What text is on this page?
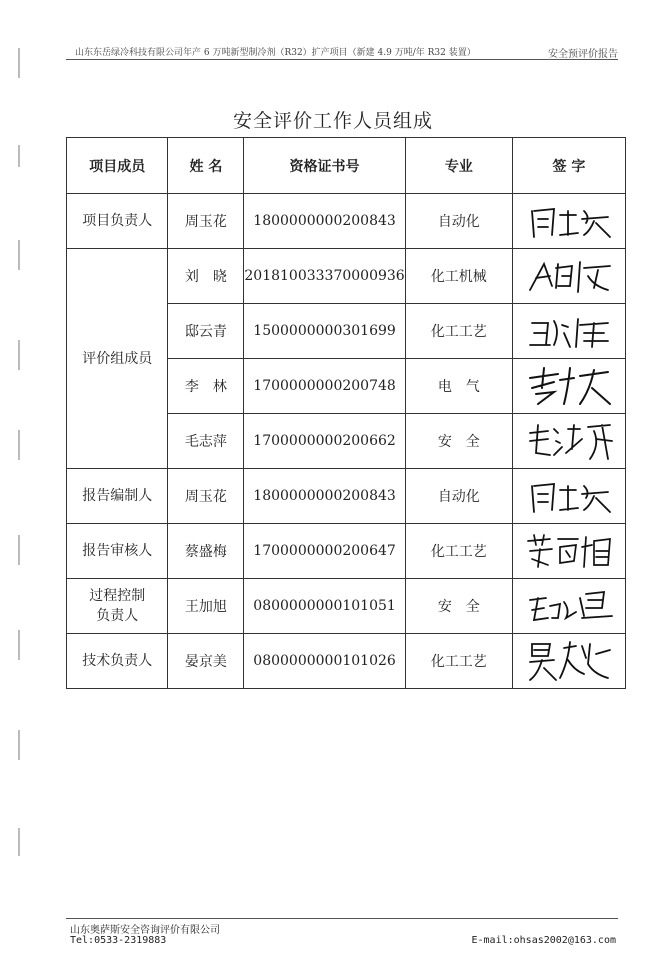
山东东岳绿冷科技有限公司年产 6 万吨新型制冷剂（R32）扩产项目（新建 4.9 万吨/年 R32 装置）	安全预评价报告
安全评价工作人员组成
项目成员	姓 名	资格证书号	专业	签 字
项目负责人	周玉花	1800000000200843	自动化	

评价组成员	刘　晓	201810033370000936	化工机械	

	邸云青	1500000000301699	化工工艺	

	李　林	1700000000200748	电　气	

	毛志萍	1700000000200662	安　全	

报告编制人	周玉花	1800000000200843	自动化	

报告审核人	蔡盛梅	1700000000200647	化工工艺	

过程控制
负责人	王加旭	0800000000101051	安　全	

技术负责人	晏京美	0800000000101026	化工工艺	
山东奥萨斯安全咨询评价有限公司
Tel:0533-2319883	E-mail:ohsas2002@163.com
